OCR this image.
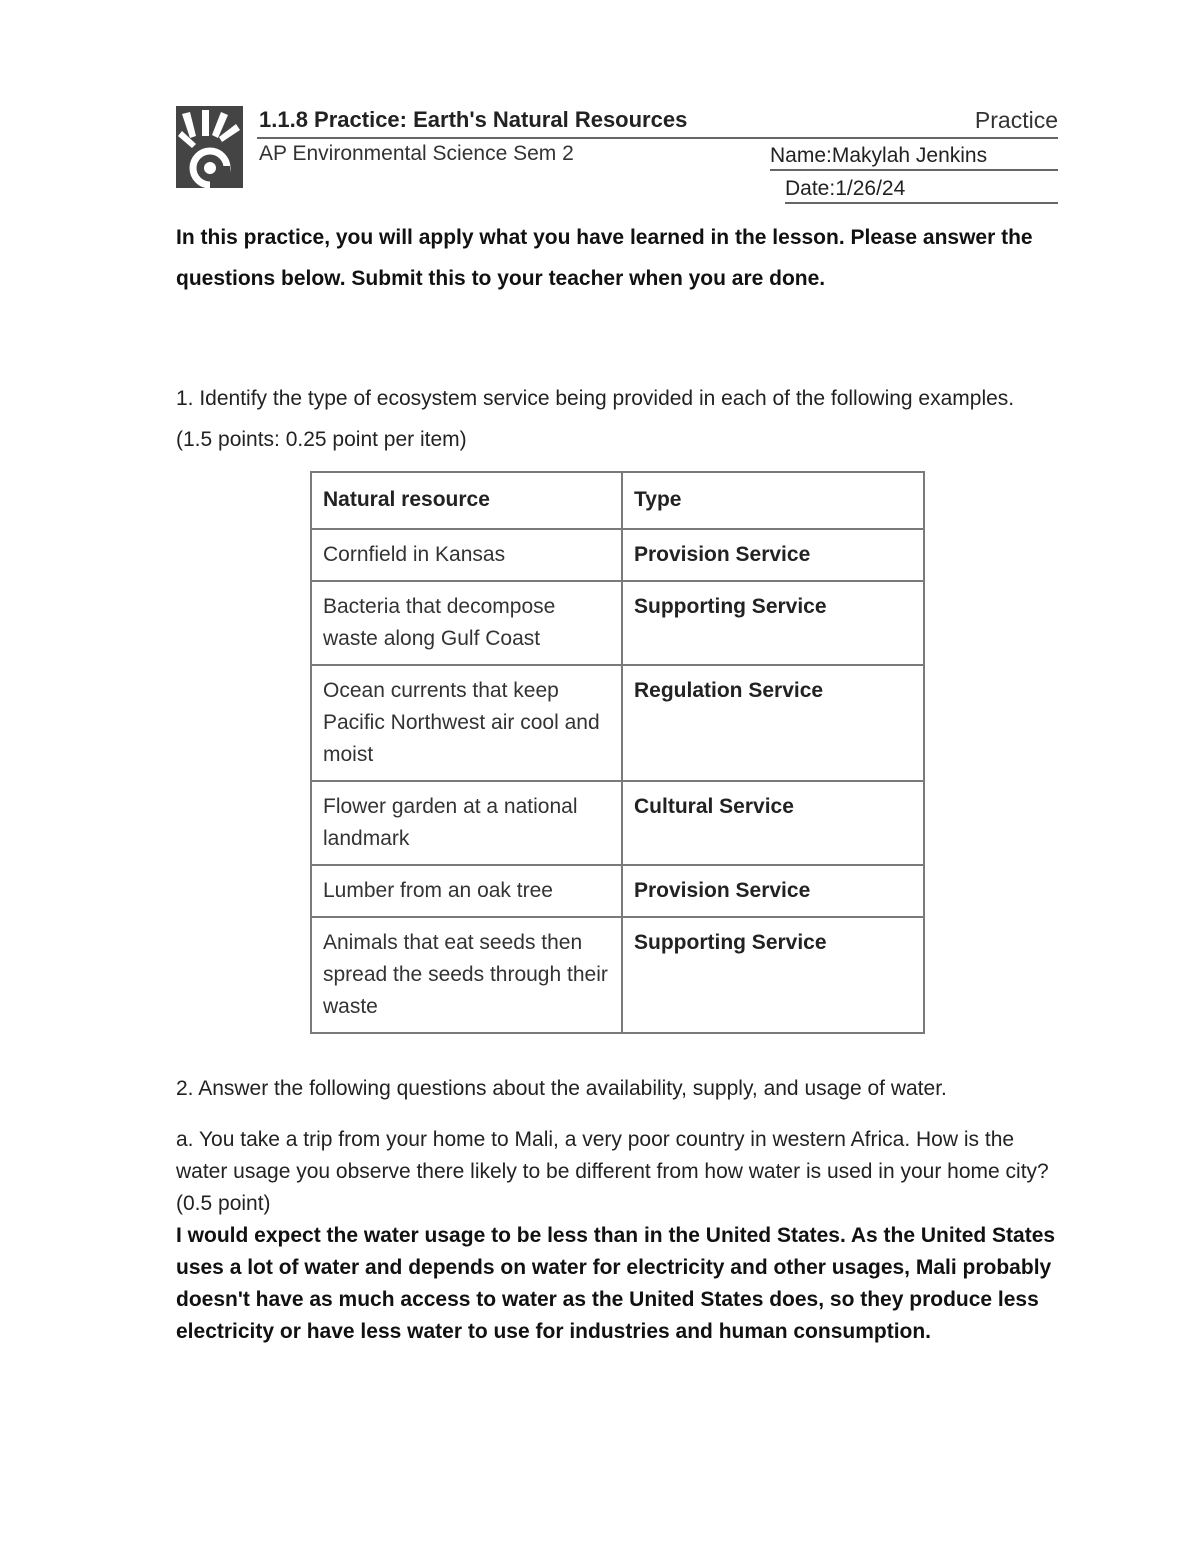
1.1.8 Practice: Earth's Natural Resources	Practice
AP Environmental Science Sem 2	Name:Makylah Jenkins
Date:1/26/24
In this practice, you will apply what you have learned in the lesson. Please answer the questions below. Submit this to your teacher when you are done.
1. Identify the type of ecosystem service being provided in each of the following examples. (1.5 points: 0.25 point per item)
Natural resource	Type
Cornfield in Kansas	Provision Service
Bacteria that decompose waste along Gulf Coast	Supporting Service
Ocean currents that keep Pacific Northwest air cool and moist	Regulation Service
Flower garden at a national landmark	Cultural Service
Lumber from an oak tree	Provision Service
Animals that eat seeds then spread the seeds through their waste	Supporting Service
2. Answer the following questions about the availability, supply, and usage of water.
a. You take a trip from your home to Mali, a very poor country in western Africa. How is the water usage you observe there likely to be different from how water is used in your home city? (0.5 point)
I would expect the water usage to be less than in the United States. As the United States uses a lot of water and depends on water for electricity and other usages, Mali probably doesn't have as much access to water as the United States does, so they produce less electricity or have less water to use for industries and human consumption.
